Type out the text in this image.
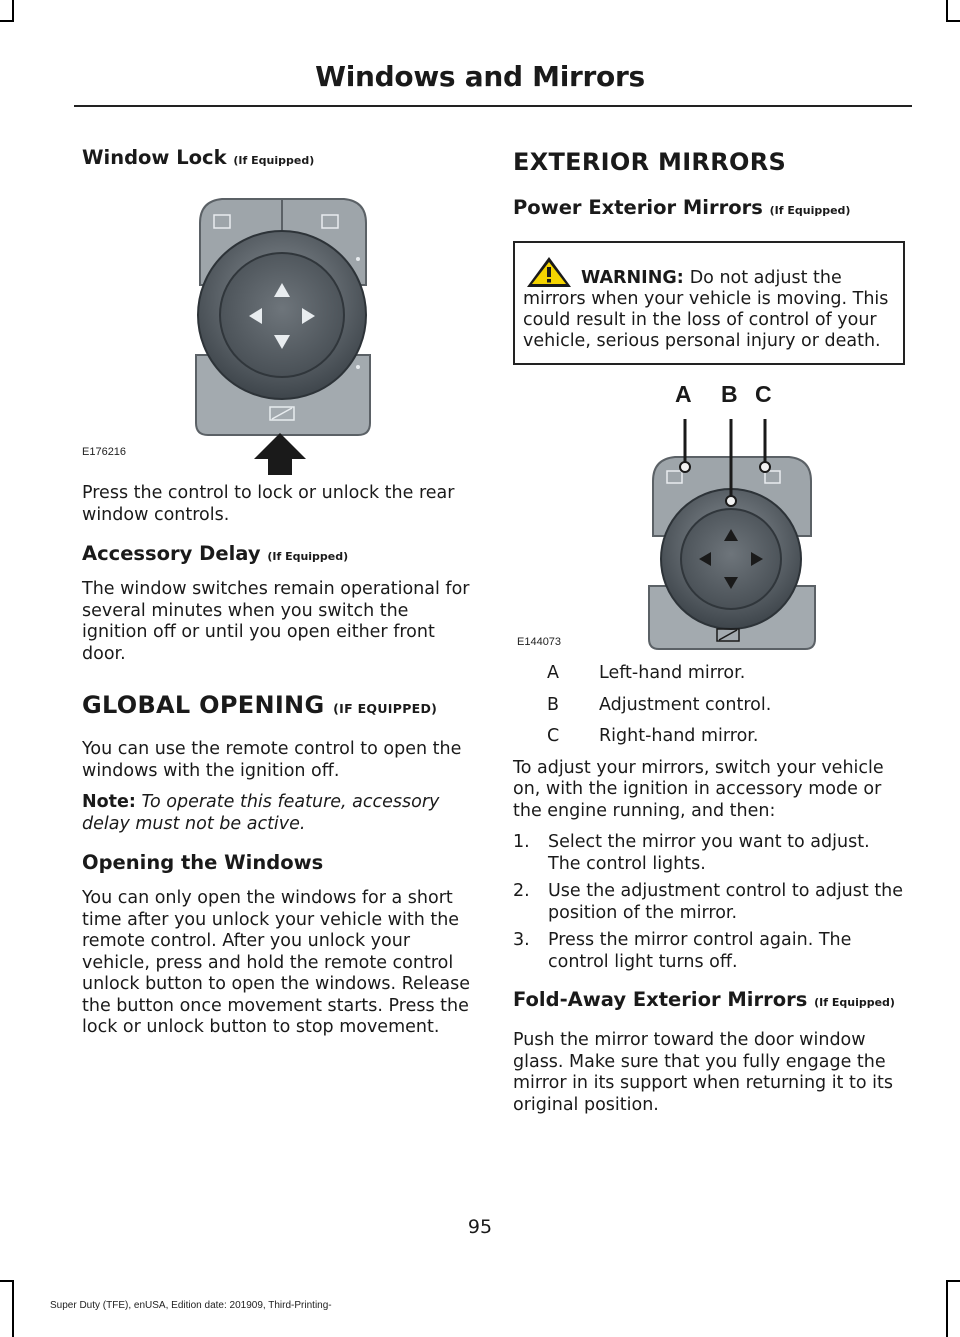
Windows and Mirrors
Window Lock (If Equipped)
E176216

Press the control to lock or unlock the rear window controls.

Accessory Delay (If Equipped)

The window switches remain operational for several minutes when you switch the ignition off or until you open either front door.

GLOBAL OPENING (IF EQUIPPED)

You can use the remote control to open the windows with the ignition off.

Note: To operate this feature, accessory delay must not be active.

Opening the Windows

You can only open the windows for a short time after you unlock your vehicle with the remote control. After you unlock your vehicle, press and hold the remote control unlock button to open the windows. Release the button once movement starts. Press the lock or unlock button to stop movement.

EXTERIOR MIRRORS
Power Exterior Mirrors (If Equipped)
WARNING: Do not adjust the
mirrors when your vehicle is moving. This could result in the loss of control of your vehicle, serious personal injury or death.
A B C
E144073
A	Left-hand mirror.
B	Adjustment control.
C	Right-hand mirror.

To adjust your mirrors, switch your vehicle on, with the ignition in accessory mode or the engine running, and then:

1.	Select the mirror you want to adjust. The control lights.
2.	Use the adjustment control to adjust the position of the mirror.
3.	Press the mirror control again. The control light turns off.
Fold-Away Exterior Mirrors (If Equipped)

Push the mirror toward the door window glass. Make sure that you fully engage the mirror in its support when returning it to its original position.

95
Super Duty (TFE), enUSA, Edition date: 201909, Third-Printing-
